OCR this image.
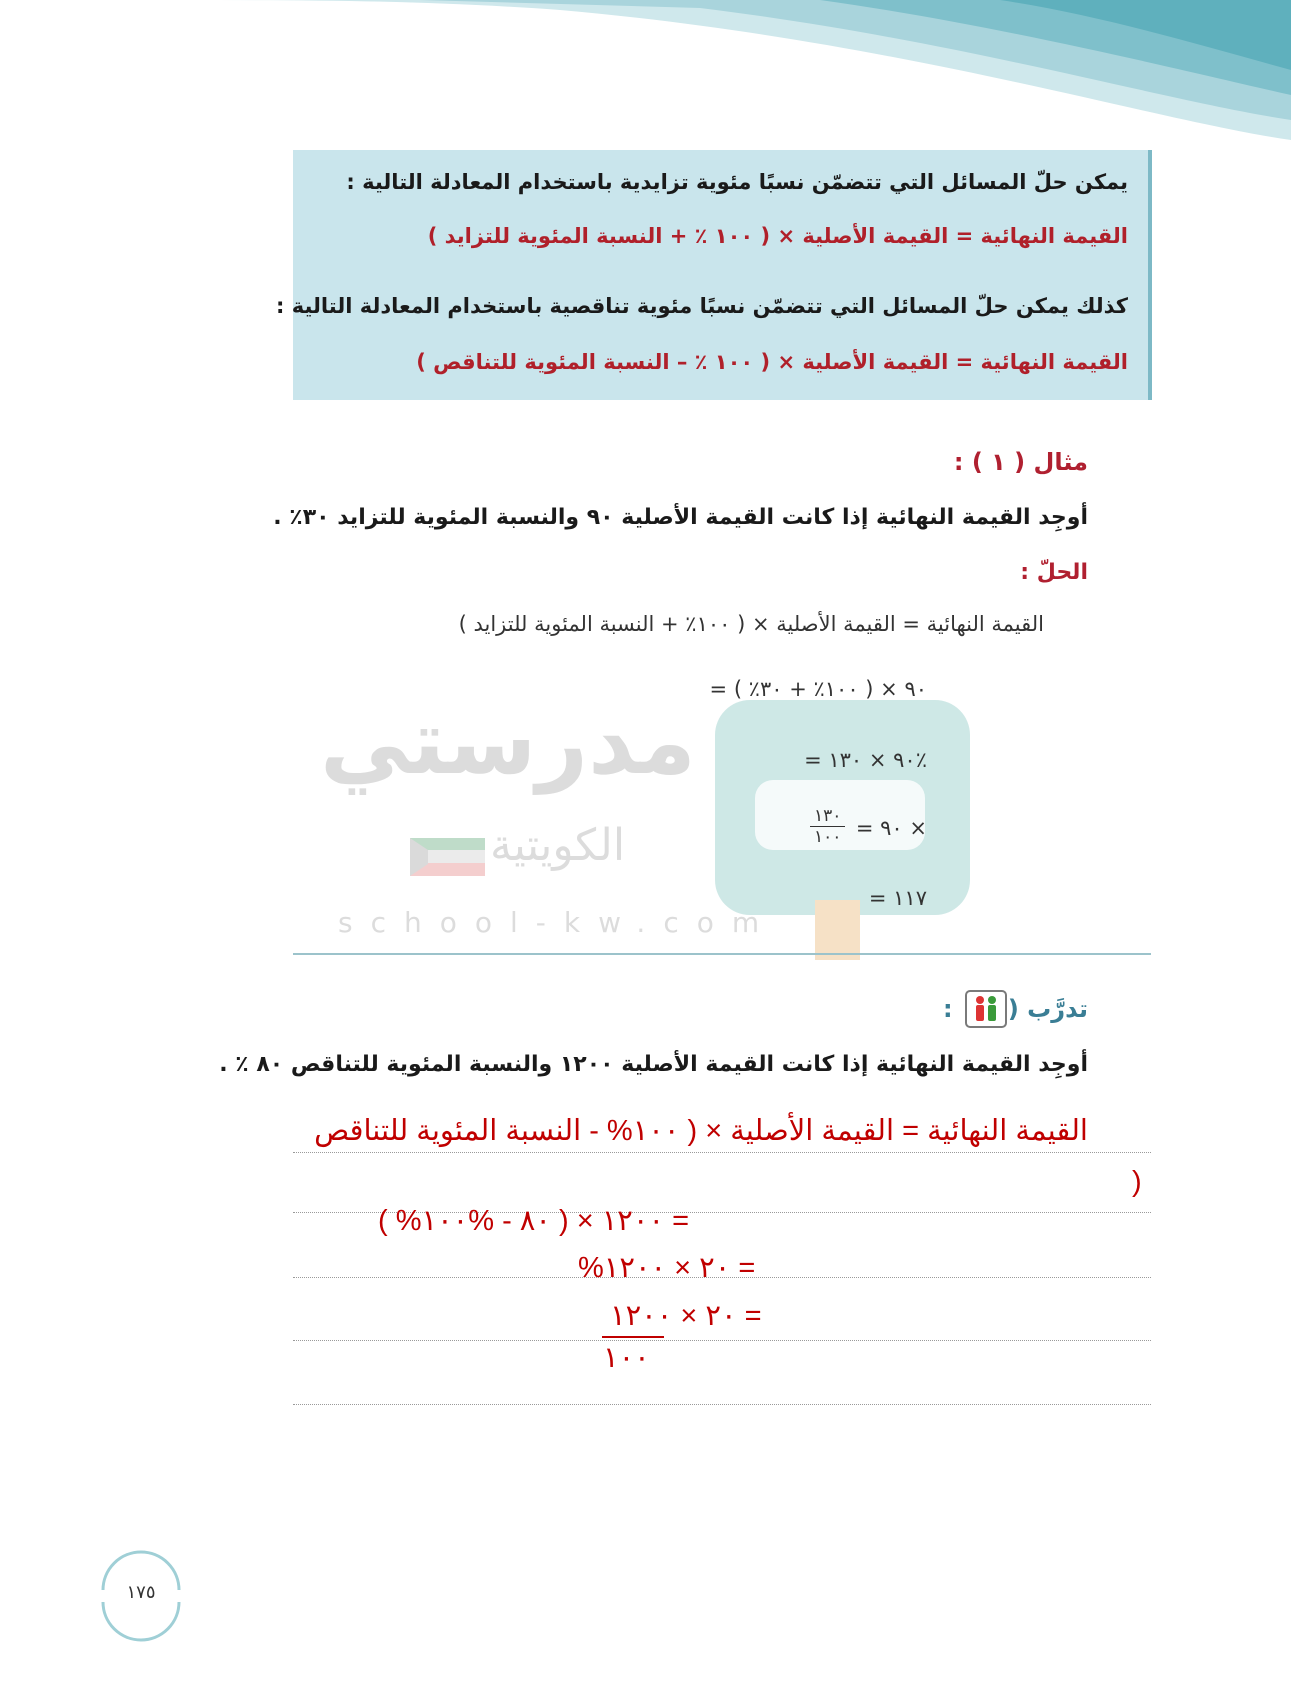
يمكن حلّ المسائل التي تتضمّن نسبًا مئوية تزايدية باستخدام المعادلة التالية :
القيمة النهائية = القيمة الأصلية × ( ١٠٠ ٪ + النسبة المئوية للتزايد )
كذلك يمكن حلّ المسائل التي تتضمّن نسبًا مئوية تناقصية باستخدام المعادلة التالية :
القيمة النهائية = القيمة الأصلية × ( ١٠٠ ٪ – النسبة المئوية للتناقص )
مدرستي
الكويتية
school-kw.com
مثال ( ١ ) :
أوجِد القيمة النهائية إذا كانت القيمة الأصلية ٩٠ والنسبة المئوية للتزايد ٣٠٪ .
الحلّ :
القيمة النهائية = القيمة الأصلية × ( ١٠٠٪ + النسبة المئوية للتزايد )
= ٩٠ × ( ١٠٠٪ + ٣٠٪ )
= ٩٠ × ١٣٠٪
= ٩٠ ×
١٣٠
١٠٠
= ١١٧
تدرَّب (
:
أوجِد القيمة النهائية إذا كانت القيمة الأصلية ١٢٠٠ والنسبة المئوية للتناقص ٨٠ ٪ .
القيمة النهائية = القيمة الأصلية × ( ١٠٠% - النسبة المئوية للتناقص
)
( %٨٠ - %١٠٠ ) × ١٢٠٠ =
%٢٠ × ١٢٠٠ =
٢٠ × ١٢٠٠ =
١٠٠
١٧٥
